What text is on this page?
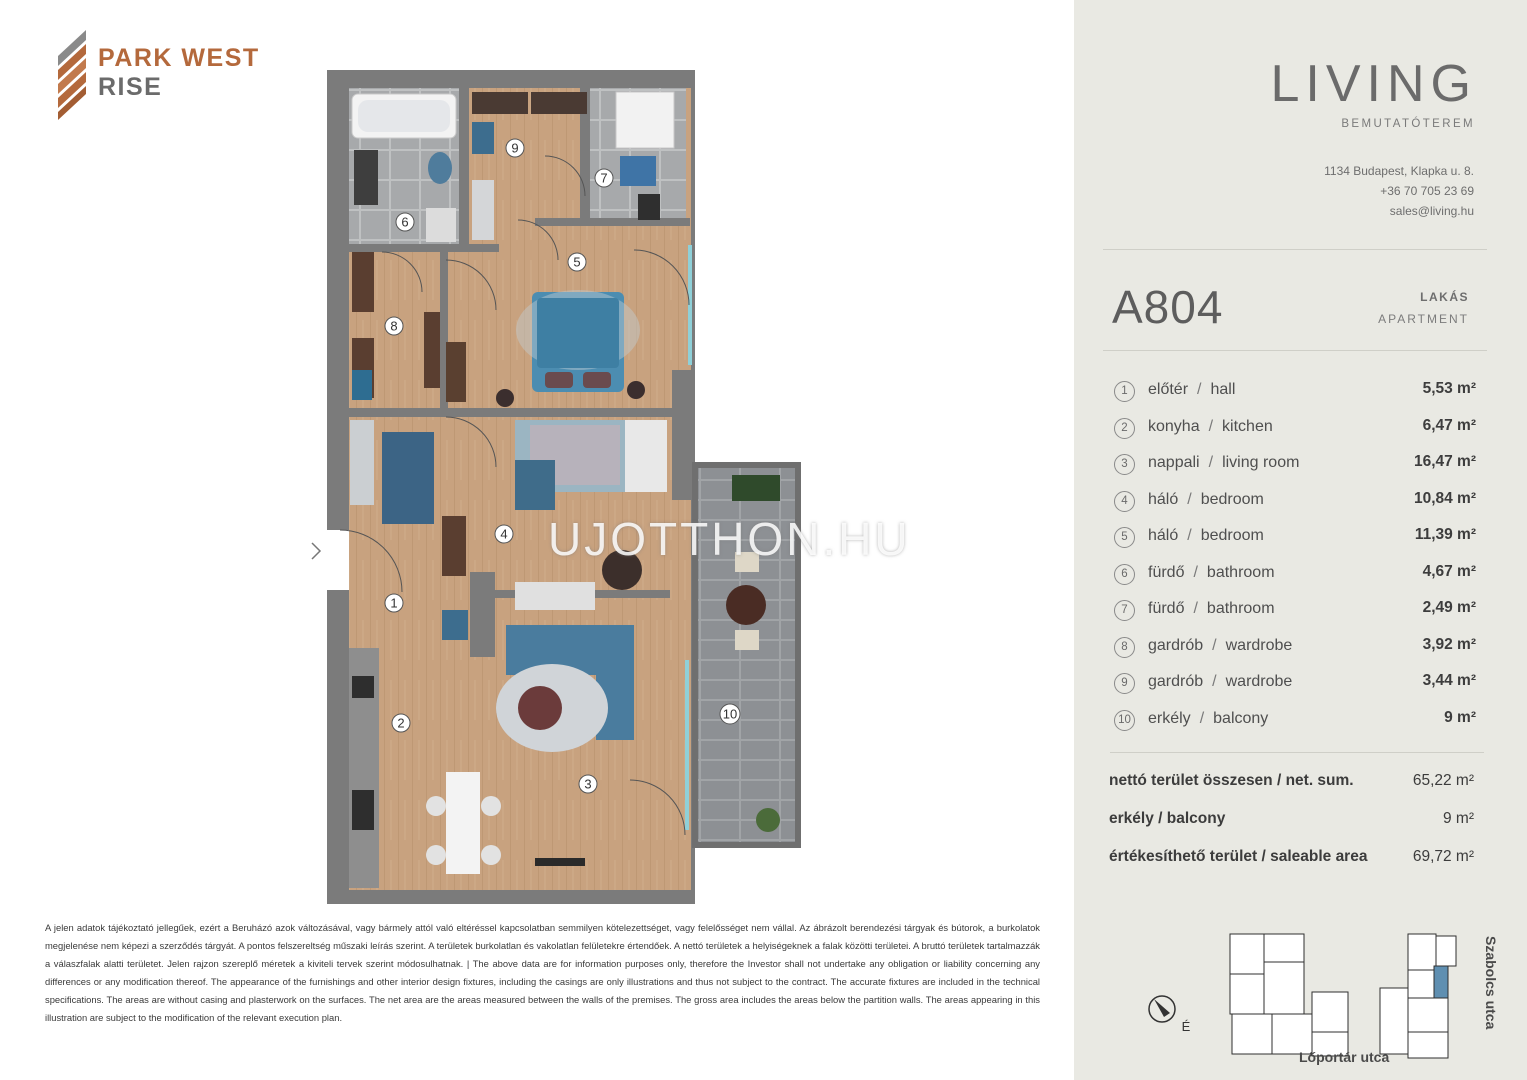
PARK WEST
RISE
1
2
3
4
5
6
7
8
9
10
UJOTTHON.HU
A jelen adatok tájékoztató jellegűek, ezért a Beruházó azok változásával, vagy bármely attól való eltéréssel kapcsolatban semmilyen kötelezettséget, vagy felelősséget nem vállal. Az ábrázolt berendezési tárgyak és bútorok, a burkolatok megjelenése nem képezi a szerződés tárgyát. A pontos felszereltség műszaki leírás szerint. A területek burkolatlan és vakolatlan felületekre értendőek. A nettó területek a helyiségeknek a falak közötti területei. A bruttó területek tartalmazzák a válaszfalak alatti területet. Jelen rajzon szereplő méretek a kiviteli tervek szerint módosulhatnak. | The above data are for information purposes only, therefore the Investor shall not undertake any obligation or liability concerning any differences or any modification thereof. The appearance of the furnishings and other interior design fixtures, including the casings are only illustrations and thus not subject to the contract. The accurate fixtures are included in the technical specifications. The areas are without casing and plasterwork on the surfaces. The net area are the areas measured between the walls of the premises. The gross area includes the areas below the partition walls. The areas appearing in this illustration are subject to the modification of the relevant execution plan.
LIVING
BEMUTATÓTEREM
1134 Budapest, Klapka u. 8.
+36 70 705 23 69
sales@living.hu
A804	LAKÁS
APARTMENT
1	előtér / hall	5,53 m²
2	konyha / kitchen	6,47 m²
3	nappali / living room	16,47 m²
4	háló / bedroom	10,84 m²
5	háló / bedroom	11,39 m²
6	fürdő / bathroom	4,67 m²
7	fürdő / bathroom	2,49 m²
8	gardrób / wardrobe	3,92 m²
9	gardrób / wardrobe	3,44 m²
10 erkély / balcony	9 m²
nettó terület összesen / net. sum.	65,22 m²
erkély / balcony	9 m²
értékesíthető terület / saleable area	69,72 m²
Lőportár utca
Szabolcs utca
É
